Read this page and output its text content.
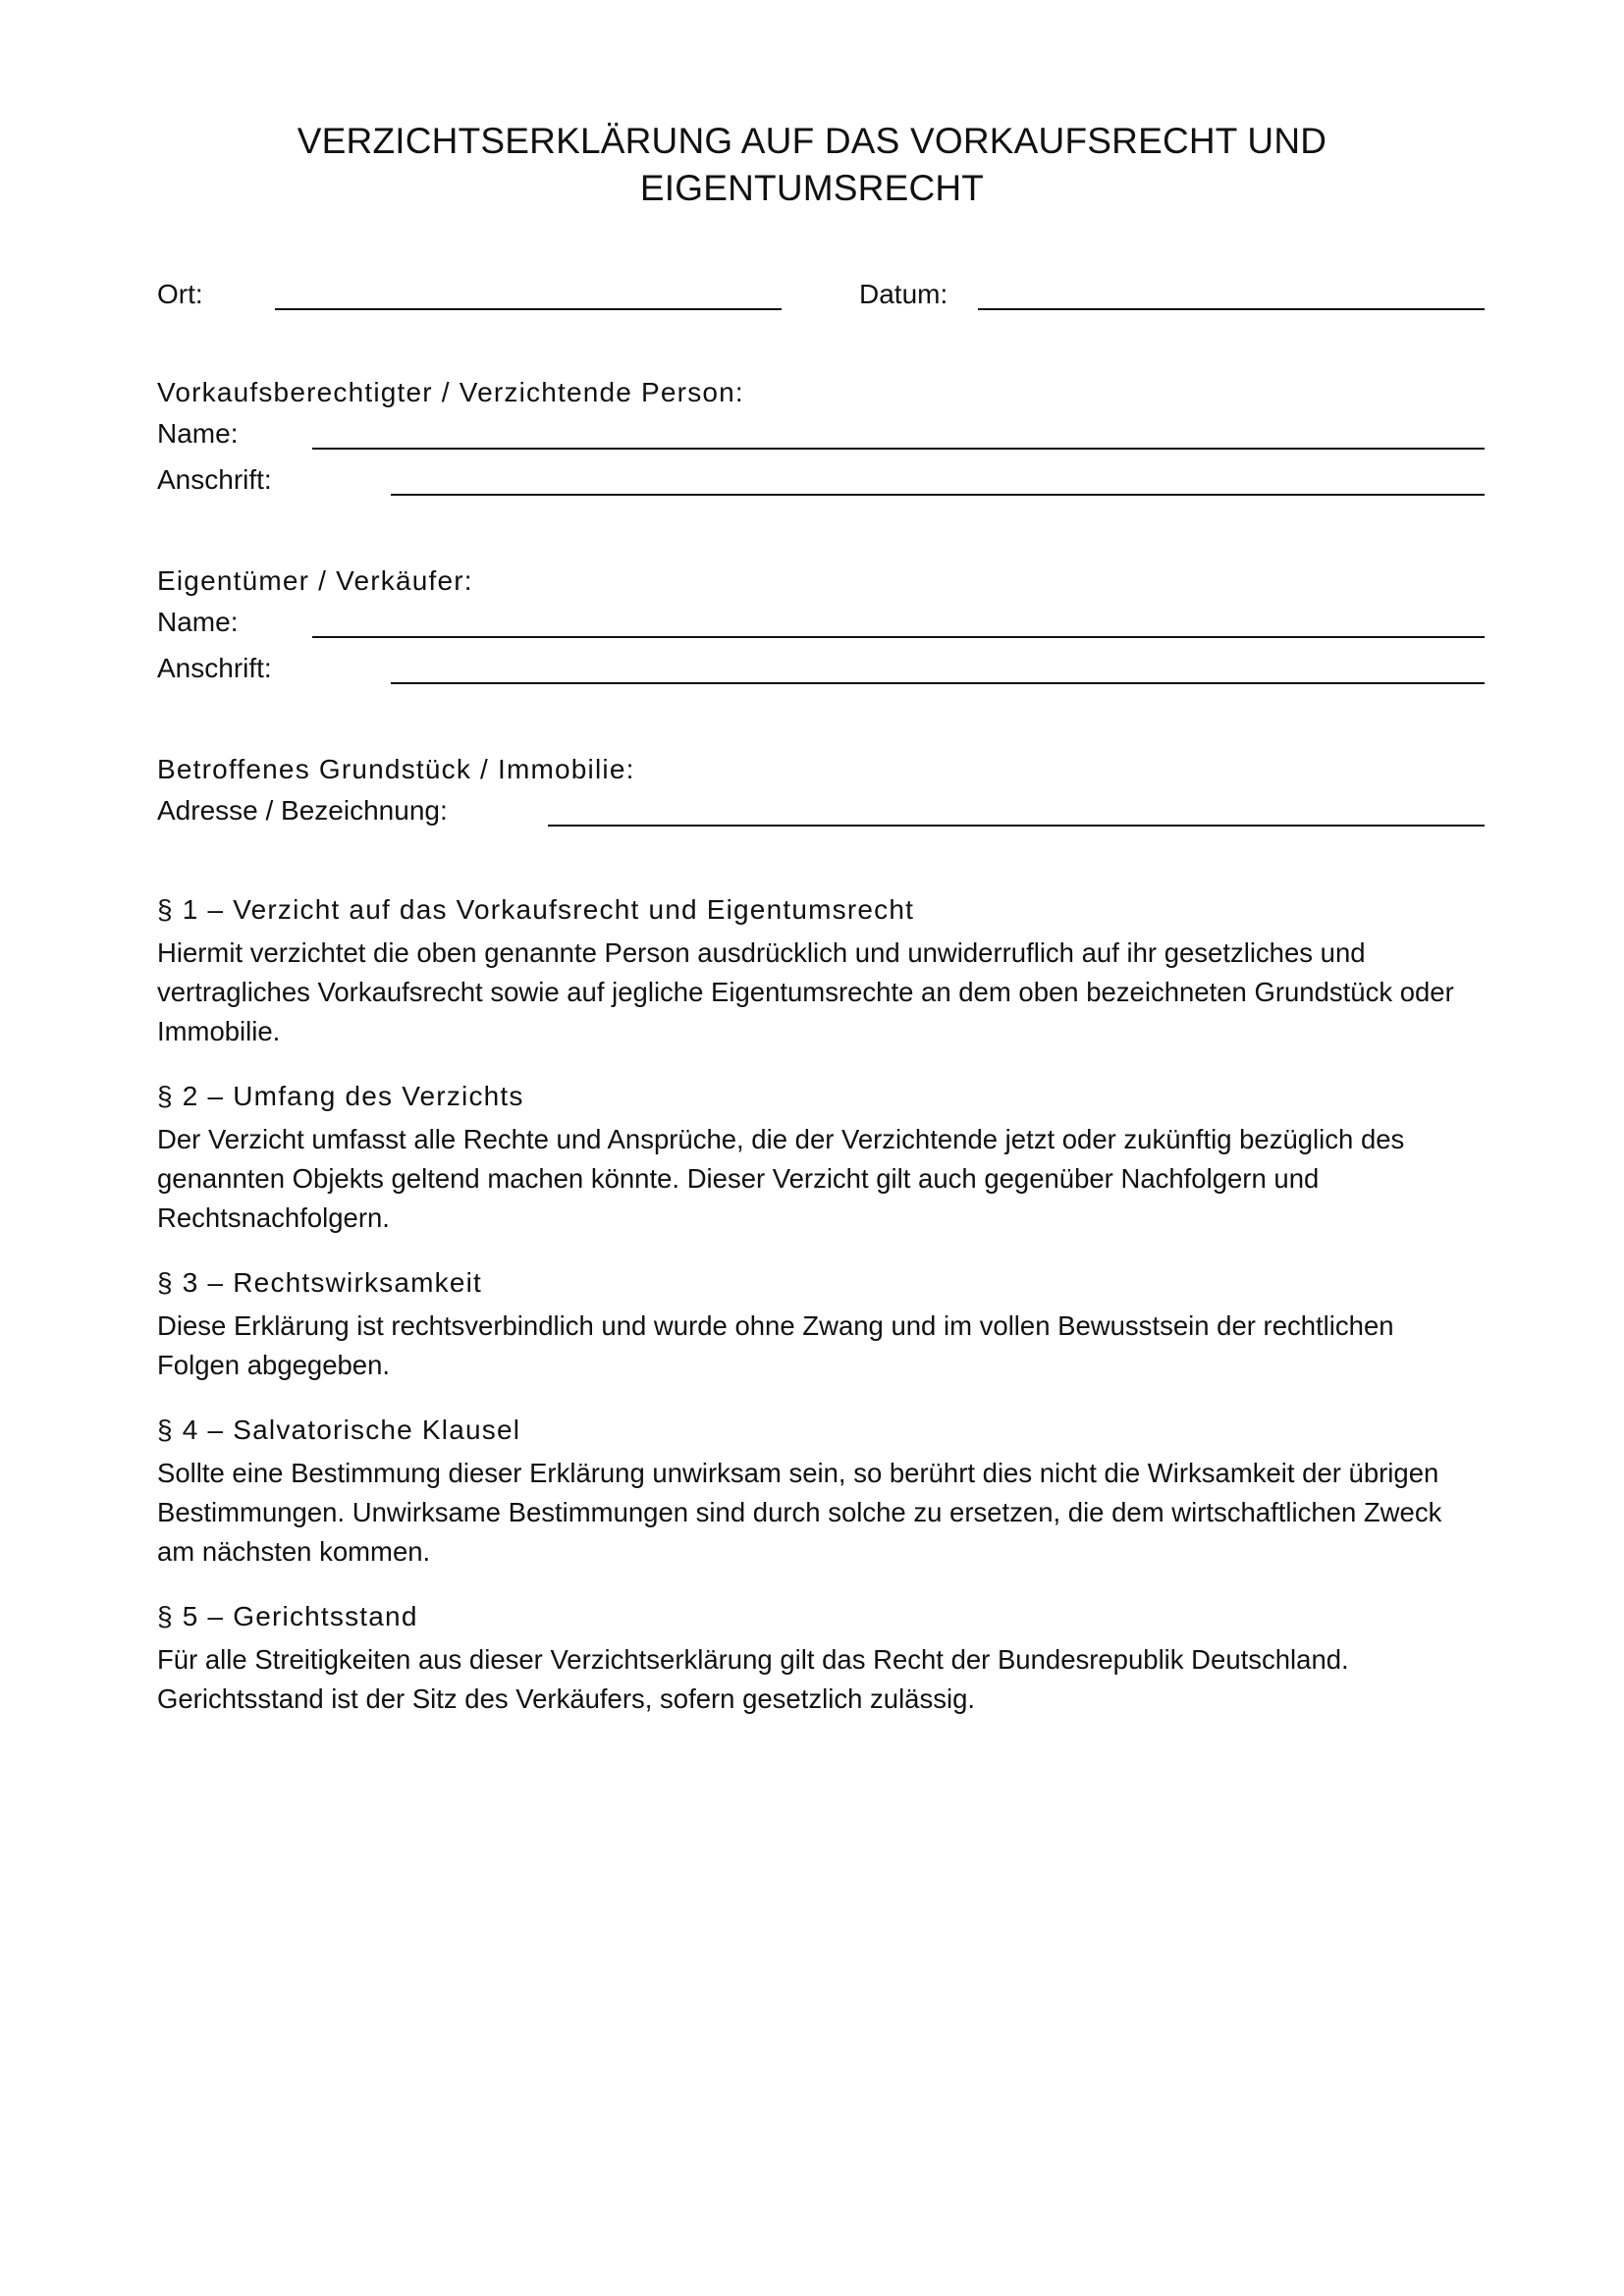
VERZICHTSERKLÄRUNG AUF DAS VORKAUFSRECHT UND
EIGENTUMSRECHT
Ort:	Datum:
Vorkaufsberechtigter / Verzichtende Person:
Name:
Anschrift:
Eigentümer / Verkäufer:
Name:
Anschrift:
Betroffenes Grundstück / Immobilie:
Adresse / Bezeichnung:
§ 1 – Verzicht auf das Vorkaufsrecht und Eigentumsrecht

Hiermit verzichtet die oben genannte Person ausdrücklich und unwiderruflich auf ihr gesetzliches und vertragliches Vorkaufsrecht sowie auf jegliche Eigentumsrechte an dem oben bezeichneten Grundstück oder Immobilie.

§ 2 – Umfang des Verzichts

Der Verzicht umfasst alle Rechte und Ansprüche, die der Verzichtende jetzt oder zukünftig bezüglich des genannten Objekts geltend machen könnte. Dieser Verzicht gilt auch gegenüber Nachfolgern und Rechtsnachfolgern.

§ 3 – Rechtswirksamkeit

Diese Erklärung ist rechtsverbindlich und wurde ohne Zwang und im vollen Bewusstsein der rechtlichen Folgen abgegeben.

§ 4 – Salvatorische Klausel

Sollte eine Bestimmung dieser Erklärung unwirksam sein, so berührt dies nicht die Wirksamkeit der übrigen Bestimmungen. Unwirksame Bestimmungen sind durch solche zu ersetzen, die dem wirtschaftlichen Zweck am nächsten kommen.

§ 5 – Gerichtsstand

Für alle Streitigkeiten aus dieser Verzichtserklärung gilt das Recht der Bundesrepublik Deutschland. Gerichtsstand ist der Sitz des Verkäufers, sofern gesetzlich zulässig.
